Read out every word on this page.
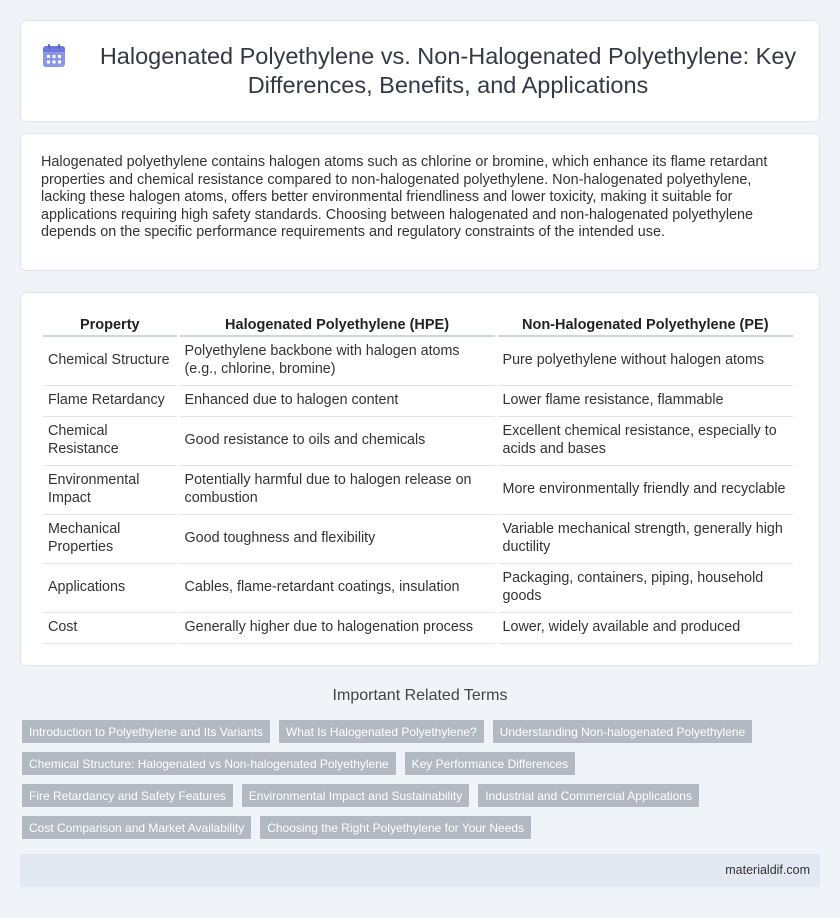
Halogenated Polyethylene vs. Non-Halogenated Polyethylene: Key Differences, Benefits, and Applications

Halogenated polyethylene contains halogen atoms such as chlorine or bromine, which enhance its flame retardant properties and chemical resistance compared to non-halogenated polyethylene. Non-halogenated polyethylene, lacking these halogen atoms, offers better environmental friendliness and lower toxicity, making it suitable for applications requiring high safety standards. Choosing between halogenated and non-halogenated polyethylene depends on the specific performance requirements and regulatory constraints of the intended use.

Property	Halogenated Polyethylene (HPE)	Non-Halogenated Polyethylene (PE)
Chemical Structure	Polyethylene backbone with halogen atoms (e.g., chlorine, bromine)	Pure polyethylene without halogen atoms
Flame Retardancy	Enhanced due to halogen content	Lower flame resistance, flammable
Chemical Resistance	Good resistance to oils and chemicals	Excellent chemical resistance, especially to acids and bases
Environmental Impact	Potentially harmful due to halogen release on combustion	More environmentally friendly and recyclable
Mechanical Properties	Good toughness and flexibility	Variable mechanical strength, generally high ductility
Applications	Cables, flame-retardant coatings, insulation	Packaging, containers, piping, household goods
Cost	Generally higher due to halogenation process	Lower, widely available and produced
Important Related Terms
Introduction to Polyethylene and Its Variants	What Is Halogenated Polyethylene?	Understanding Non-halogenated Polyethylene
Chemical Structure: Halogenated vs Non-halogenated Polyethylene	Key Performance Differences
Fire Retardancy and Safety Features	Environmental Impact and Sustainability	Industrial and Commercial Applications
Cost Comparison and Market Availability	Choosing the Right Polyethylene for Your Needs
materialdif.com
